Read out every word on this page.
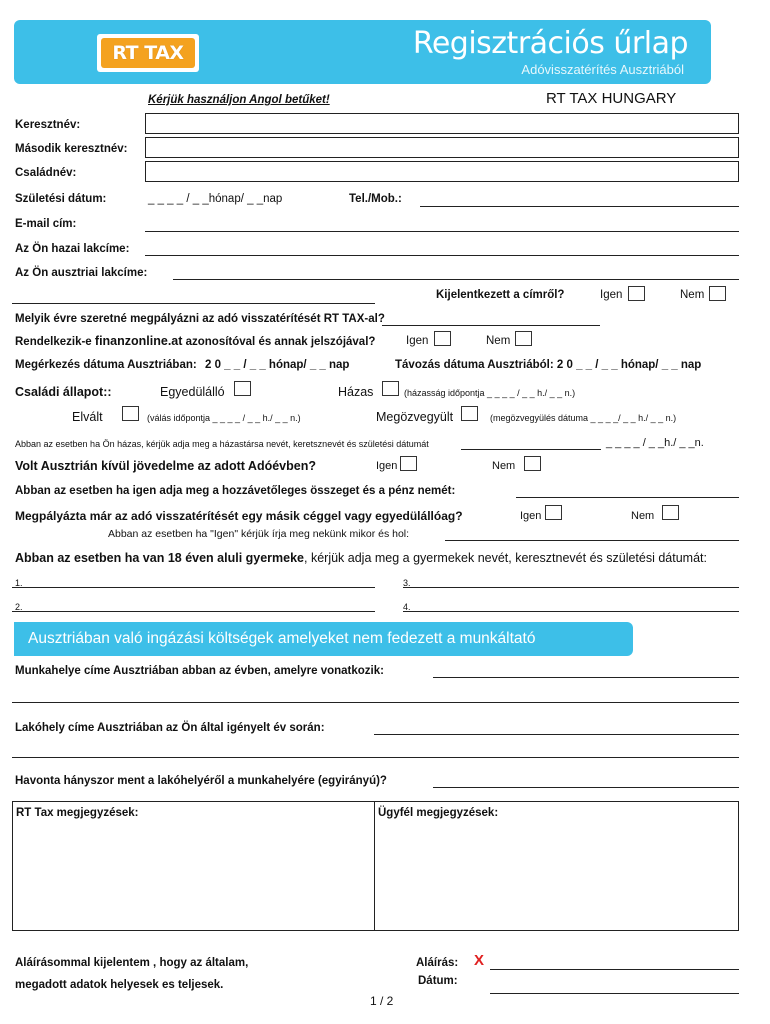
RT TAX	Regisztrációs űrlap
Adóvisszatérítés Ausztriából
Kérjük használjon Angol betűket!	RT TAX HUNGARY
Keresztnév:
Második keresztnév:
Családnév:
Születési dátum:	_ _ _ _ / _ _hónap/ _ _nap	Tel./Mob.:
E-mail cím:
Az Ön hazai lakcíme:
Az Ön ausztriai lakcíme:
Kijelentkezett a címről?	Igen	Nem
Melyik évre szeretné megpályázni az adó visszatérítését RT TAX-al?
Rendelkezik-e finanzonline.at azonosítóval és annak jelszójával?	Igen	Nem
Megérkezés dátuma Ausztriában: 2 0 _ _ / _ _ hónap/ _ _ nap	Távozás dátuma Ausztriából: 2 0 _ _ / _ _ hónap/ _ _ nap
Családi állapot::	Egyedülálló	Házas	(házasság időpontja _ _ _ _ / _ _ h./ _ _ n.)
Elvált	(válás időpontja _ _ _ _ / _ _ h./ _ _ n.)	Megözvegyült	(megözvegyülés dátuma _ _ _ _/ _ _ h./ _ _ n.)
Abban az esetben ha Ön házas, kérjük adja meg a házastársa nevét, keretsznevét és születési dátumát	_ _ _ _ / _ _h./ _ _n.
Volt Ausztrián kívül jövedelme az adott Adóévben?	Igen	Nem
Abban az esetben ha igen adja meg a hozzávetőleges összeget és a pénz nemét:
Megpályázta már az adó visszatérítését egy másik céggel vagy egyedülállóag?	Igen	Nem
Abban az esetben ha "Igen" kérjük írja meg nekünk mikor és hol:
Abban az esetben ha van 18 éven aluli gyermeke, kérjük adja meg a gyermekek nevét, keresztnevét és születési dátumát:
1.	3.
2.	4.
Ausztriában való ingázási költségek amelyeket nem fedezett a munkáltató
Munkahelye címe Ausztriában abban az évben, amelyre vonatkozik:
Lakóhely címe Ausztriában az Ön által igényelt év során:
Havonta hányszor ment a lakóhelyéről a munkahelyére (egyirányú)?
RT Tax megjegyzések:	Ügyfél megjegyzések:
Aláírásommal kijelentem , hogy az általam,
megadott adatok helyesek es teljesek.
Aláírás: X
Dátum:
1 / 2
